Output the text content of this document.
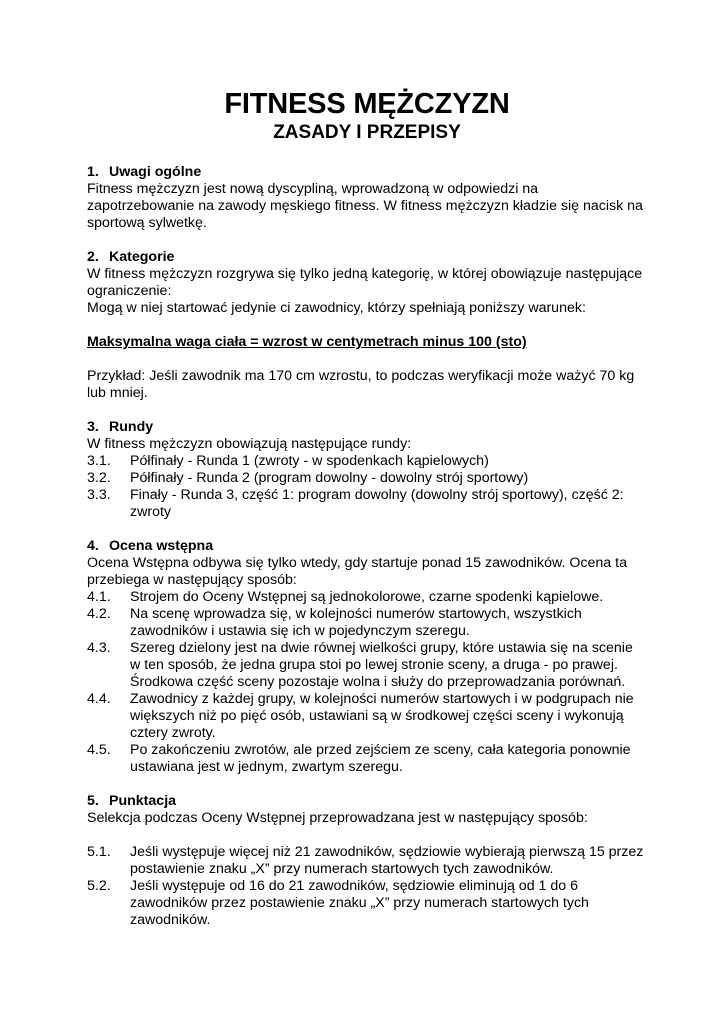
FITNESS MĘŻCZYZN
ZASADY I PRZEPISY

1. Uwagi ogólne

Fitness mężczyzn jest nową dyscypliną, wprowadzoną w odpowiedzi na zapotrzebowanie na zawody męskiego fitness. W fitness mężczyzn kładzie się nacisk na sportową sylwetkę.

2. Kategorie

W fitness mężczyzn rozgrywa się tylko jedną kategorię, w której obowiązuje następujące ograniczenie:

Mogą w niej startować jedynie ci zawodnicy, którzy spełniają poniższy warunek:

Maksymalna waga ciała = wzrost w centymetrach minus 100 (sto)

Przykład: Jeśli zawodnik ma 170 cm wzrostu, to podczas weryfikacji może ważyć 70 kg lub mniej.

3. Rundy

W fitness mężczyzn obowiązują następujące rundy:

3.1.	Półfinały - Runda 1 (zwroty - w spodenkach kąpielowych)
3.2.	Półfinały - Runda 2 (program dowolny - dowolny strój sportowy)
3.3.	Finały - Runda 3, część 1: program dowolny (dowolny strój sportowy), część 2: zwroty

4. Ocena wstępna

Ocena Wstępna odbywa się tylko wtedy, gdy startuje ponad 15 zawodników. Ocena ta przebiega w następujący sposób:

4.1.	Strojem do Oceny Wstępnej są jednokolorowe, czarne spodenki kąpielowe.
4.2.	Na scenę wprowadza się, w kolejności numerów startowych, wszystkich zawodników i ustawia się ich w pojedynczym szeregu.
4.3.	Szereg dzielony jest na dwie równej wielkości grupy, które ustawia się na scenie w ten sposób, że jedna grupa stoi po lewej stronie sceny, a druga - po prawej. Środkowa część sceny pozostaje wolna i służy do przeprowadzania porównań.
4.4.	Zawodnicy z każdej grupy, w kolejności numerów startowych i w podgrupach nie większych niż po pięć osób, ustawiani są w środkowej części sceny i wykonują cztery zwroty.
4.5.	Po zakończeniu zwrotów, ale przed zejściem ze sceny, cała kategoria ponownie ustawiana jest w jednym, zwartym szeregu.

5. Punktacja

Selekcja podczas Oceny Wstępnej przeprowadzana jest w następujący sposób:

5.1.	Jeśli występuje więcej niż 21 zawodników, sędziowie wybierają pierwszą 15 przez postawienie znaku „X” przy numerach startowych tych zawodników.
5.2.	Jeśli występuje od 16 do 21 zawodników, sędziowie eliminują od 1 do 6 zawodników przez postawienie znaku „X” przy numerach startowych tych zawodników.
